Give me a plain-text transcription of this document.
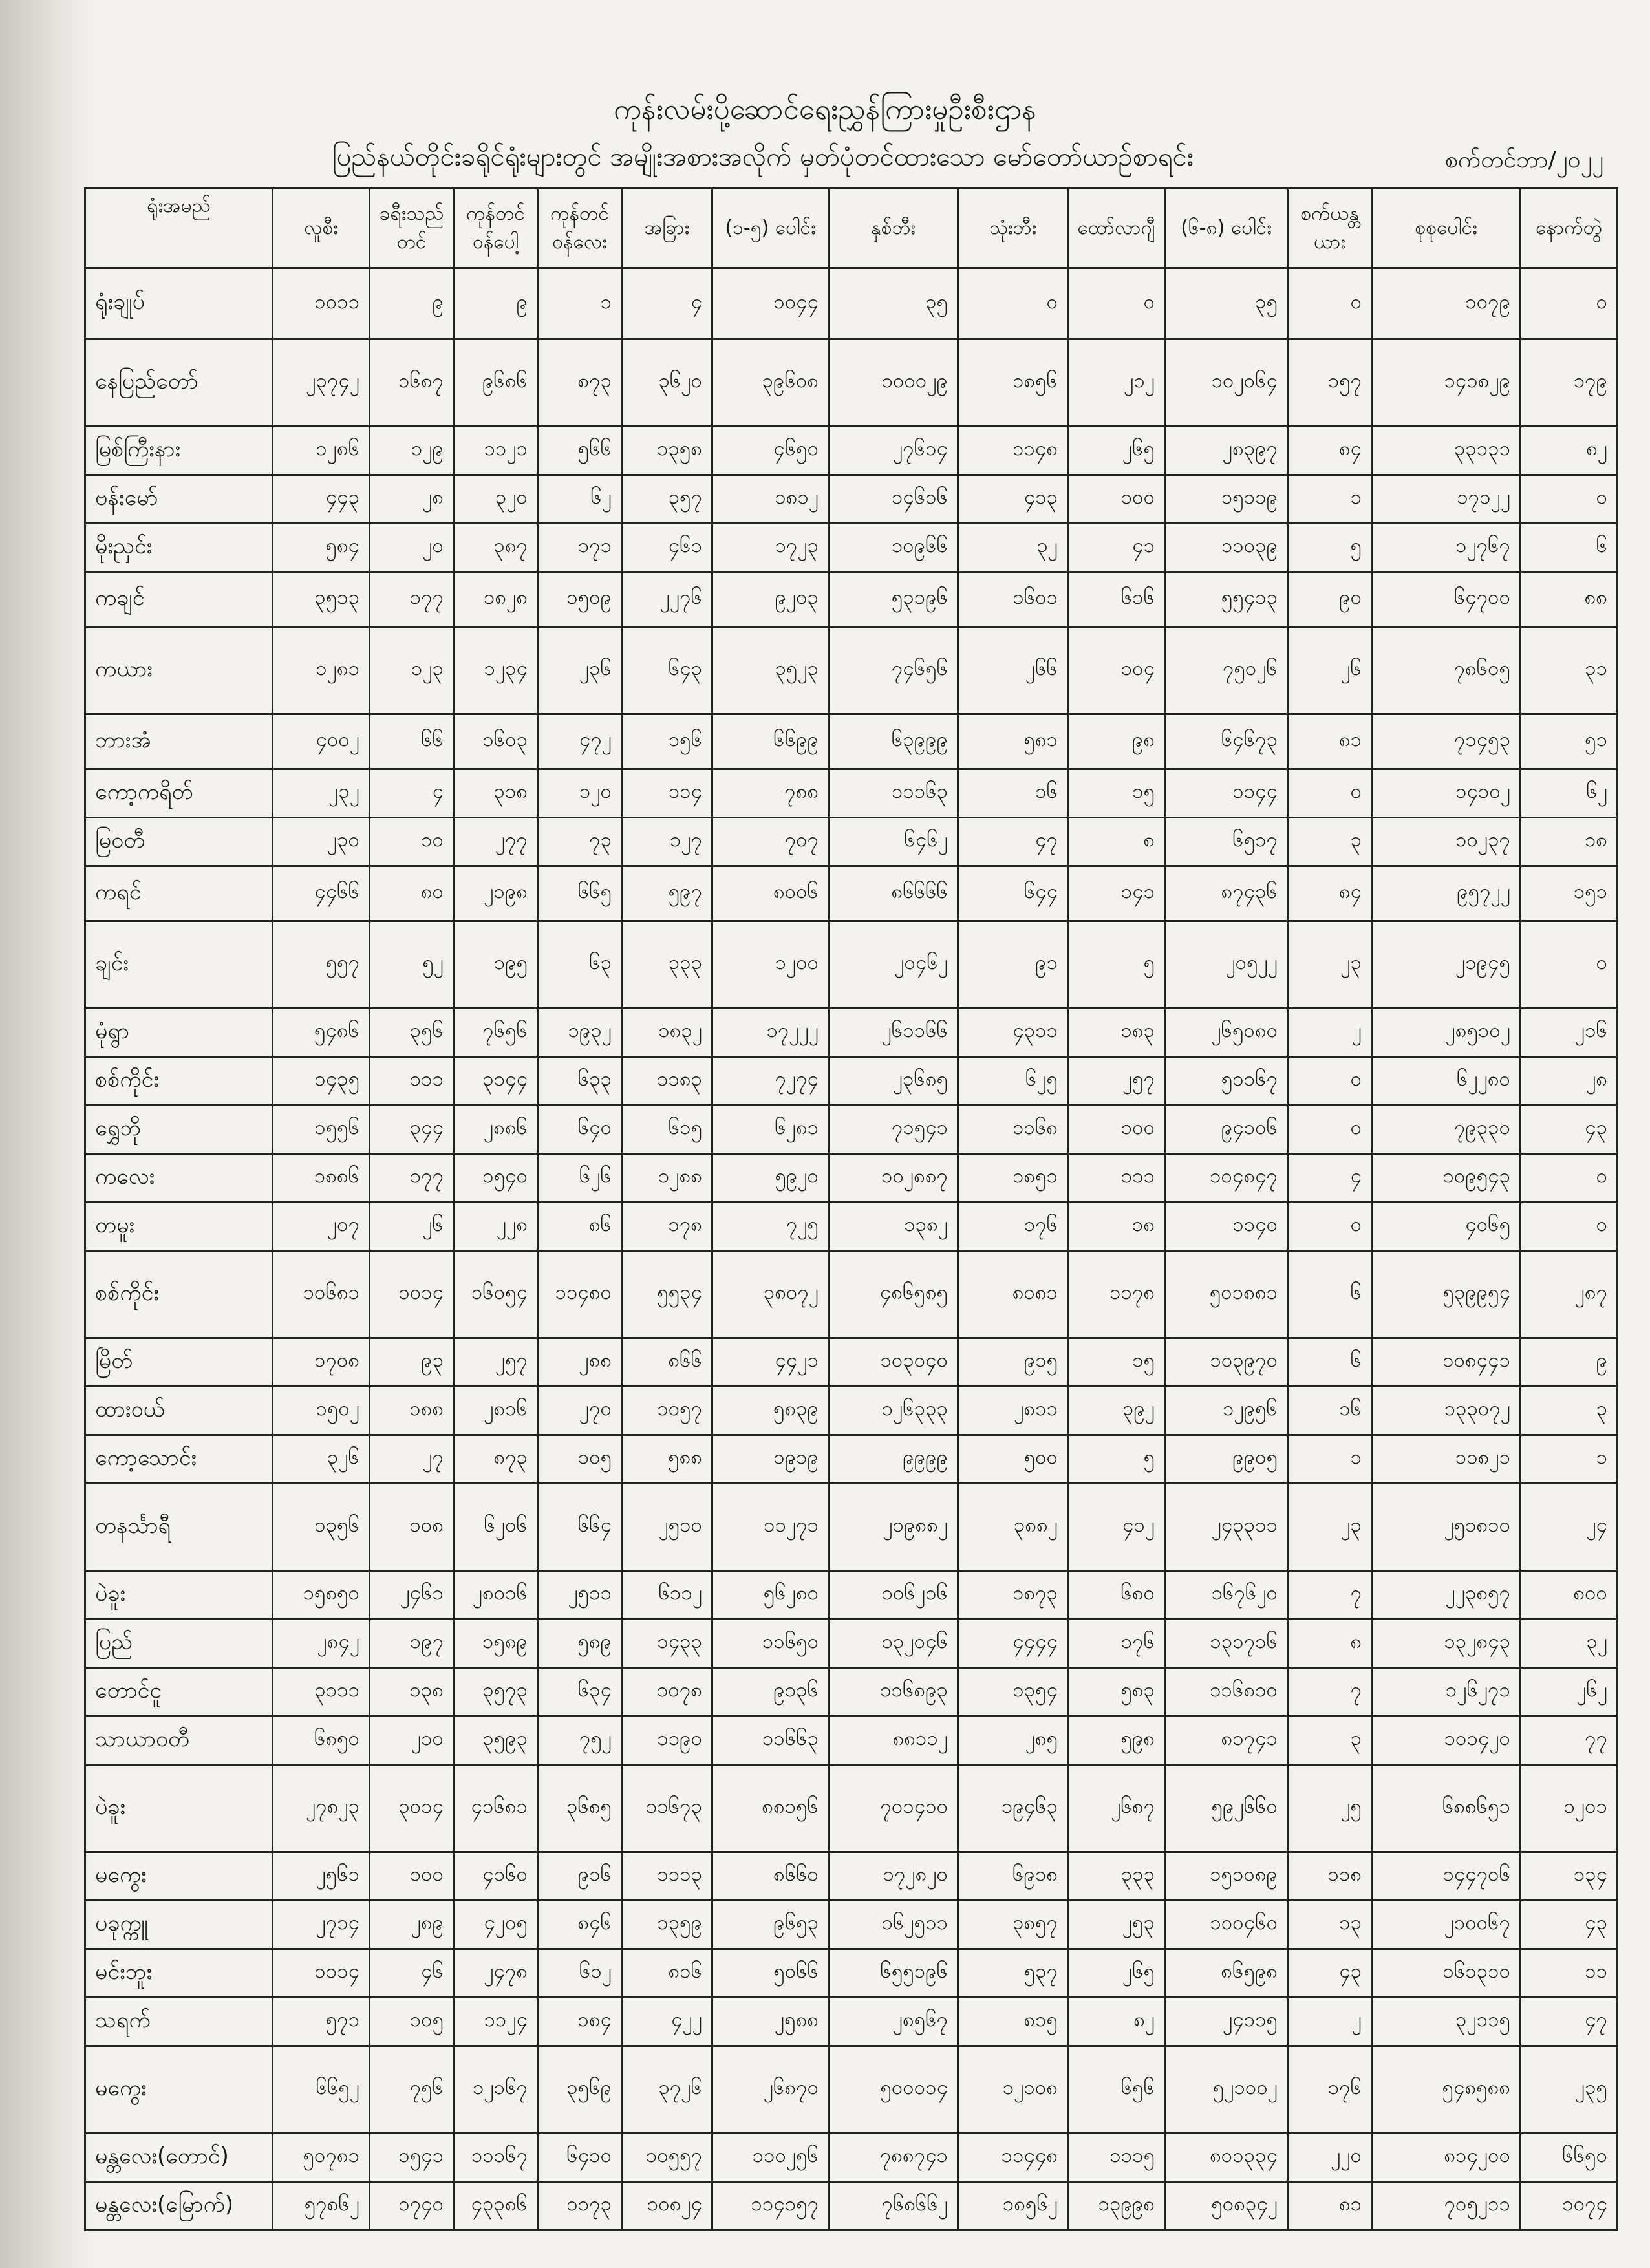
ကုန်းလမ်းပို့ဆောင်ရေးညွှန်ကြားမှုဦးစီးဌာန
ပြည်နယ်တိုင်းခရိုင်ရုံးများတွင် အမျိုးအစားအလိုက် မှတ်ပုံတင်ထားသော မော်တော်ယာဉ်စာရင်း	စက်တင်ဘာ/၂၀၂၂
ရုံးအမည်	လူစီး	ခရီးသည်တင်	ကုန်တင်ဝန်ပေါ့	ကုန်တင်ဝန်လေး	အခြား	(၁-၅) ပေါင်း	နှစ်ဘီး	သုံးဘီး	ထော်လာဂျီ	(၆-၈) ပေါင်း	စက်ယန္တယား	စုစုပေါင်း	နောက်တွဲ
ရုံးချုပ်	၁၀၁၁	၉	၉	၁	၄	၁၀၄၄	၃၅	၀	၀	၃၅	၀	၁၀၇၉	၀
နေပြည်တော်	၂၃၇၄၂	၁၆၈၇	၉၆၈၆	၈၇၃	၃၆၂၀	၃၉၆၀၈	၁၀၀၀၂၉	၁၈၅၆	၂၁၂	၁၀၂၀၆၄	၁၅၇	၁၄၁၈၂၉	၁၇၉
မြစ်ကြီးနား	၁၂၈၆	၁၂၉	၁၁၂၁	၅၆၆	၁၃၅၈	၄၆၅၀	၂၇၆၁၄	၁၁၄၈	၂၆၅	၂၈၃၉၇	၈၄	၃၃၁၃၁	၈၂
ဗန်းမော်	၄၄၃	၂၈	၃၂၀	၆၂	၃၅၇	၁၈၁၂	၁၄၆၁၆	၄၁၃	၁၀၀	၁၅၁၁၉	၁	၁၇၁၂၂	၀
မိုးညှင်း	၅၈၄	၂၀	၃၈၇	၁၇၁	၄၆၁	၁၇၂၃	၁၀၉၆၆	၃၂	၄၁	၁၁၀၃၉	၅	၁၂၇၆၇	၆
ကချင်	၃၅၁၃	၁၇၇	၁၈၂၈	၁၅၀၉	၂၂၇၆	၉၂၀၃	၅၃၁၉၆	၁၆၀၁	၆၁၆	၅၅၄၁၃	၉၀	၆၄၇၀၀	၈၈
ကယား	၁၂၈၁	၁၂၃	၁၂၃၄	၂၃၆	၆၄၃	၃၅၂၃	၇၄၆၅၆	၂၆၆	၁၀၄	၇၅၀၂၆	၂၆	၇၈၆၀၅	၃၁
ဘားအံ	၄၀၀၂	၆၆	၁၆၀၃	၄၇၂	၁၅၆	၆၆၉၉	၆၃၉၉၉	၅၈၁	၉၈	၆၄၆၇၃	၈၁	၇၁၄၅၃	၅၁
ကော့ကရိတ်	၂၃၂	၄	၃၁၈	၁၂၀	၁၁၄	၇၈၈	၁၁၁၆၃	၁၆	၁၅	၁၁၄၄	၀	၁၄၁၀၂	၆၂
မြဝတီ	၂၃၀	၁၀	၂၇၇	၇၃	၁၂၇	၇၀၇	၆၄၆၂	၄၇	၈	၆၅၁၇	၃	၁၀၂၃၇	၁၈
ကရင်	၄၄၆၆	၈၀	၂၁၉၈	၆၆၅	၅၉၇	၈၀၀၆	၈၆၆၆၆	၆၄၄	၁၄၁	၈၇၄၃၆	၈၄	၉၅၇၂၂	၁၅၁
ချင်း	၅၅၇	၅၂	၁၉၅	၆၃	၃၃၃	၁၂၀၀	၂၀၄၆၂	၉၁	၅	၂၀၅၂၂	၂၃	၂၁၉၄၅	၀
မုံရွာ	၅၄၈၆	၃၅၆	၇၆၅၆	၁၉၃၂	၁၈၃၂	၁၇၂၂၂	၂၆၁၁၆၆	၄၃၁၁	၁၈၃	၂၆၅၀၈၀	၂	၂၈၅၁၀၂	၂၁၆
စစ်ကိုင်း	၁၄၃၅	၁၁၁	၃၁၄၄	၆၃၃	၁၁၈၃	၇၂၇၄	၂၃၆၈၅	၆၂၅	၂၅၇	၅၁၁၆၇	၀	၆၂၂၈၀	၂၈
ရွှေဘို	၁၅၅၆	၃၄၄	၂၈၈၆	၆၄၀	၆၁၅	၆၂၈၁	၇၁၅၄၁	၁၁၆၈	၁၀၀	၉၄၁၀၆	၀	၇၉၃၃၀	၄၃
ကလေး	၁၈၈၆	၁၇၇	၁၅၄၀	၆၂၆	၁၂၈၈	၅၉၂၀	၁၀၂၈၈၇	၁၈၅၁	၁၁၁	၁၀၄၈၄၇	၄	၁၀၉၅၄၃	၀
တမူး	၂၀၇	၂၆	၂၂၈	၈၆	၁၇၈	၇၂၅	၁၃၈၂	၁၇၆	၁၈	၁၁၄၀	၀	၄၀၆၅	၀
စစ်ကိုင်း	၁၀၆၈၁	၁၀၁၄	၁၆၀၅၄	၁၁၄၈၀	၅၅၃၄	၃၈၀၇၂	၄၈၆၅၈၅	၈၀၈၁	၁၁၇၈	၅၀၁၈၈၁	၆	၅၃၉၉၅၄	၂၈၇
မြိတ်	၁၇၀၈	၉၃	၂၅၇	၂၈၈	၈၆၆	၄၄၂၁	၁၀၃၀၄၀	၉၁၅	၁၅	၁၀၃၉၇၀	၆	၁၀၈၄၄၁	၉
ထားဝယ်	၁၅၀၂	၁၈၈	၂၈၁၆	၂၇၀	၁၀၅၇	၅၈၃၉	၁၂၆၃၃၃	၂၈၁၁	၃၉၂	၁၂၉၅၆	၁၆	၁၃၃၀၇၂	၃
ကော့သောင်း	၃၂၆	၂၇	၈၇၃	၁၀၅	၅၈၈	၁၉၁၉	၉၉၉၉	၅၀၀	၅	၉၉၀၅	၁	၁၁၈၂၁	၁
တနင်္သာရီ	၁၃၅၆	၁၀၈	၆၂၀၆	၆၆၄	၂၅၁၀	၁၁၂၇၁	၂၁၉၈၈၂	၃၈၈၂	၄၁၂	၂၄၃၃၁၁	၂၃	၂၅၁၈၁၀	၂၄
ပဲခူး	၁၅၈၅၀	၂၄၆၁	၂၈၀၁၆	၂၅၁၁	၆၁၁၂	၅၆၂၈၀	၁၀၆၂၁၆	၁၈၇၃	၆၈၀	၁၆၇၆၂၀	၇	၂၂၃၈၅၇	၈၀၀
ပြည်	၂၈၄၂	၁၉၇	၁၅၈၉	၅၈၉	၁၄၃၃	၁၁၆၅၀	၁၃၂၀၄၆	၄၄၄၄	၁၇၆	၁၃၁၇၁၆	၈	၁၃၂၈၄၃	၃၂
တောင်ငူ	၃၁၁၁	၁၃၈	၃၅၇၃	၆၃၄	၁၀၇၈	၉၁၃၆	၁၁၆၈၉၃	၁၃၅၄	၅၈၃	၁၁၆၈၁၀	၇	၁၂၆၂၇၁	၂၆၂
သာယာဝတီ	၆၈၅၀	၂၁၀	၃၅၉၃	၇၅၂	၁၁၉၀	၁၁၆၆၃	၈၈၁၁၂	၂၈၅	၅၉၈	၈၁၇၄၁	၃	၁၀၁၄၂၀	၇၇
ပဲခူး	၂၇၈၂၃	၃၀၁၄	၄၁၆၈၁	၃၆၈၅	၁၁၆၇၃	၈၈၁၅၆	၇၀၁၄၁၀	၁၉၄၆၃	၂၆၈၇	၅၉၂၆၆၀	၂၅	၆၈၈၆၅၁	၁၂၀၁
မကွေး	၂၅၆၁	၁၀၀	၄၁၆၀	၉၁၆	၁၁၁၃	၈၆၆၀	၁၇၂၈၂၀	၆၉၁၈	၃၃၃	၁၅၁၀၈၉	၁၁၈	၁၄၄၇၀၆	၁၃၄
ပခုက္ကူ	၂၇၁၄	၂၈၉	၄၂၀၅	၈၄၆	၁၃၅၉	၉၆၅၃	၁၆၂၅၁၁	၃၈၅၇	၂၅၃	၁၀၀၄၆၀	၁၃	၂၁၀၀၆၇	၄၃
မင်းဘူး	၁၁၁၄	၄၆	၂၄၇၈	၆၁၂	၈၁၆	၅၀၆၆	၆၅၅၁၉၆	၅၃၇	၂၆၅	၈၆၅၉၈	၄၃	၁၆၁၃၁၀	၁၁
သရက်	၅၇၁	၁၀၅	၁၁၂၄	၁၈၄	၄၂၂	၂၅၈၈	၂၈၅၆၇	၈၁၅	၈၂	၂၄၁၁၅	၂	၃၂၁၁၅	၄၇
မကွေး	၆၆၅၂	၇၅၆	၁၂၁၆၇	၃၅၆၉	၃၇၂၆	၂၆၈၇၀	၅၀၀၀၁၄	၁၂၁၀၈	၆၅၆	၅၂၁၀၀၂	၁၇၆	၅၄၈၅၈၈	၂၃၅
မန္တလေး(တောင်)	၅၀၇၈၁	၁၅၄၁	၁၁၁၆၇	၆၄၁၀	၁၀၅၅၇	၁၁၀၂၅၆	၇၈၈၇၄၁	၁၁၄၄၈	၁၁၁၅	၈၀၁၃၃၄	၂၂၀	၈၁၄၂၀၀	၆၆၅၀
မန္တလေး(မြောက်)	၅၇၈၆၂	၁၇၄၀	၄၃၃၈၆	၁၁၇၃	၁၀၈၂၄	၁၁၄၁၅၇	၇၆၈၆၆၂	၁၈၅၆၂	၁၃၉၉၈	၅၀၈၃၄၂	၈၁	၇၀၅၂၁၁	၁၀၇၄
